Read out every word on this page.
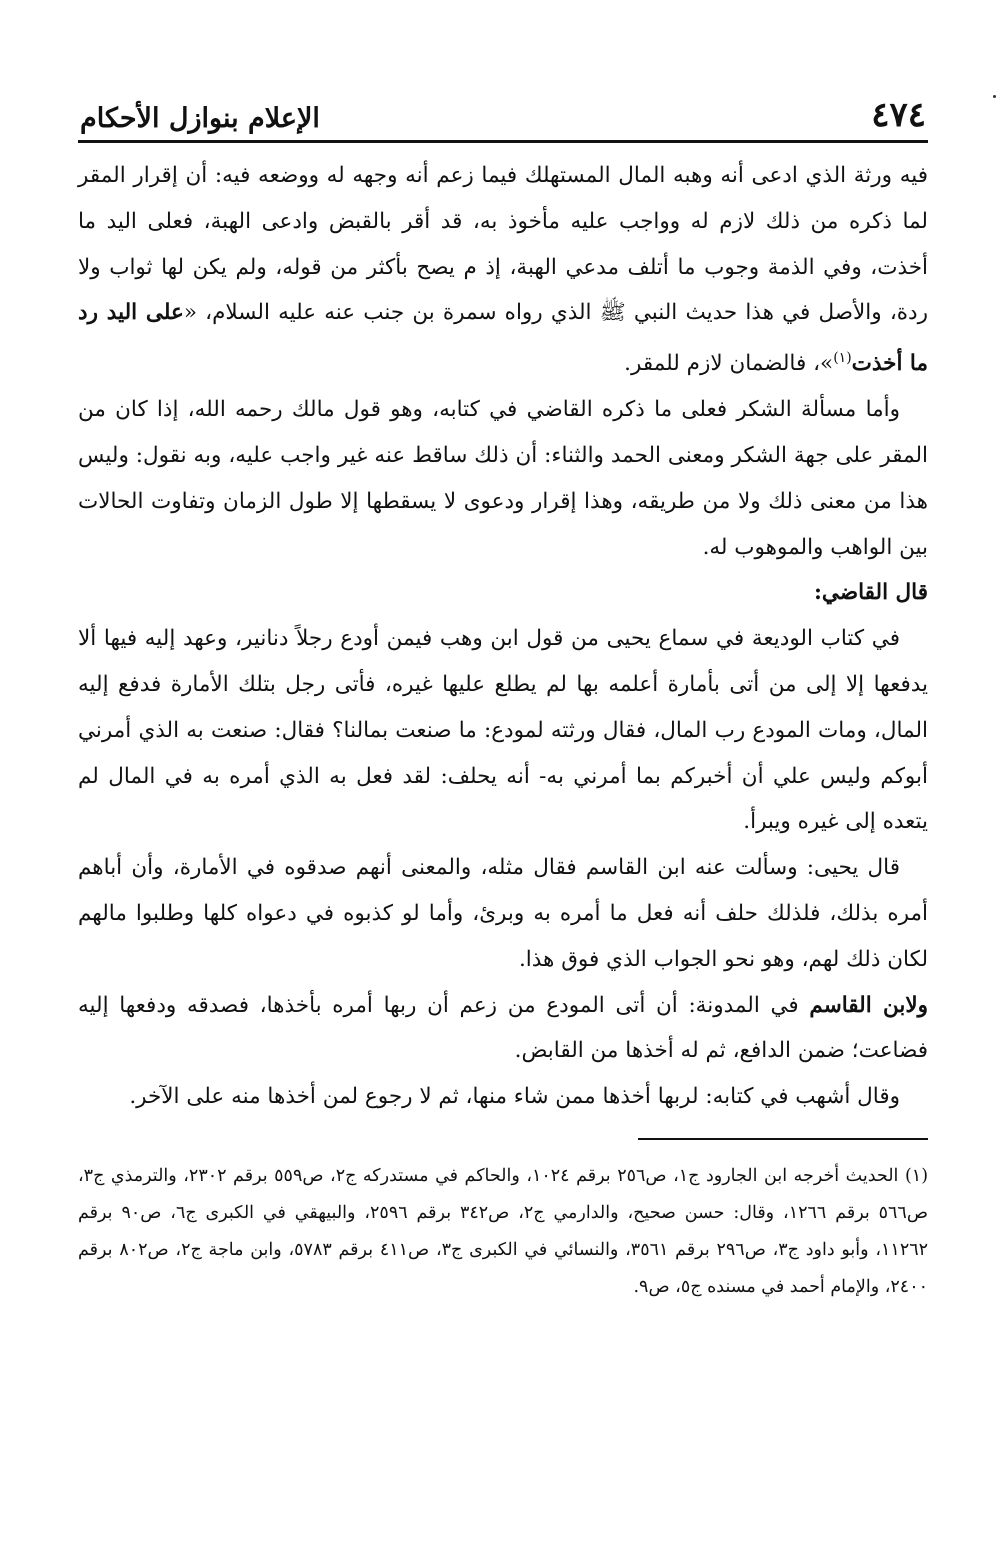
٤٧٤
الإعلام بنوازل الأحكام

فيه ورثة الذي ادعى أنه وهبه المال المستهلك فيما زعم أنه وجهه له ووضعه فيه: أن إقرار المقر لما ذكره من ذلك لازم له وواجب عليه مأخوذ به، قد أقر بالقبض وادعى الهبة، فعلى اليد ما أخذت، وفي الذمة وجوب ما أتلف مدعي الهبة، إذ م يصح بأكثر من قوله، ولم يكن لها ثواب ولا ردة، والأصل في هذا حديث النبي ﷺ الذي رواه سمرة بن جنب عنه عليه السلام، «على اليد رد ما أخذت$^{(١)}$»، فالضمان لازم للمقر.

وأما مسألة الشكر فعلى ما ذكره القاضي في كتابه، وهو قول مالك رحمه الله، إذا كان من المقر على جهة الشكر ومعنى الحمد والثناء: أن ذلك ساقط عنه غير واجب عليه، وبه نقول: وليس هذا من معنى ذلك ولا من طريقه، وهذا إقرار ودعوى لا يسقطها إلا طول الزمان وتفاوت الحالات بين الواهب والموهوب له.

قال القاضي:

في كتاب الوديعة في سماع يحيى من قول ابن وهب فيمن أودع رجلاً دنانير، وعهد إليه فيها ألا يدفعها إلا إلى من أتى بأمارة أعلمه بها لم يطلع عليها غيره، فأتى رجل بتلك الأمارة فدفع إليه المال، ومات المودع رب المال، فقال ورثته لمودع: ما صنعت بمالنا؟ فقال: صنعت به الذي أمرني أبوكم وليس علي أن أخبركم بما أمرني به- أنه يحلف: لقد فعل به الذي أمره به في المال لم يتعده إلى غيره ويبرأ.

قال يحيى: وسألت عنه ابن القاسم فقال مثله، والمعنى أنهم صدقوه في الأمارة، وأن أباهم أمره بذلك، فلذلك حلف أنه فعل ما أمره به وبرئ، وأما لو كذبوه في دعواه كلها وطلبوا مالهم لكان ذلك لهم، وهو نحو الجواب الذي فوق هذا.

ولابن القاسم في المدونة: أن أتى المودع من زعم أن ربها أمره بأخذها، فصدقه ودفعها إليه فضاعت؛ ضمن الدافع، ثم له أخذها من القابض.

وقال أشهب في كتابه: لربها أخذها ممن شاء منها، ثم لا رجوع لمن أخذها منه على الآخر.

(١) الحديث أخرجه ابن الجارود ج١، ص٢٥٦ برقم ١٠٢٤، والحاكم في مستدركه ج٢، ص٥٥٩ برقم ٢٣٠٢، والترمذي ج٣، ص٥٦٦ برقم ١٢٦٦، وقال: حسن صحيح، والدارمي ج٢، ص٣٤٢ برقم ٢٥٩٦، والبيهقي في الكبرى ج٦، ص٩٠ برقم ١١٢٦٢، وأبو داود ج٣، ص٢٩٦ برقم ٣٥٦١، والنسائي في الكبرى ج٣، ص٤١١ برقم ٥٧٨٣، وابن ماجة ج٢، ص٨٠٢ برقم ٢٤٠٠، والإمام أحمد في مسنده ج٥، ص٩.
